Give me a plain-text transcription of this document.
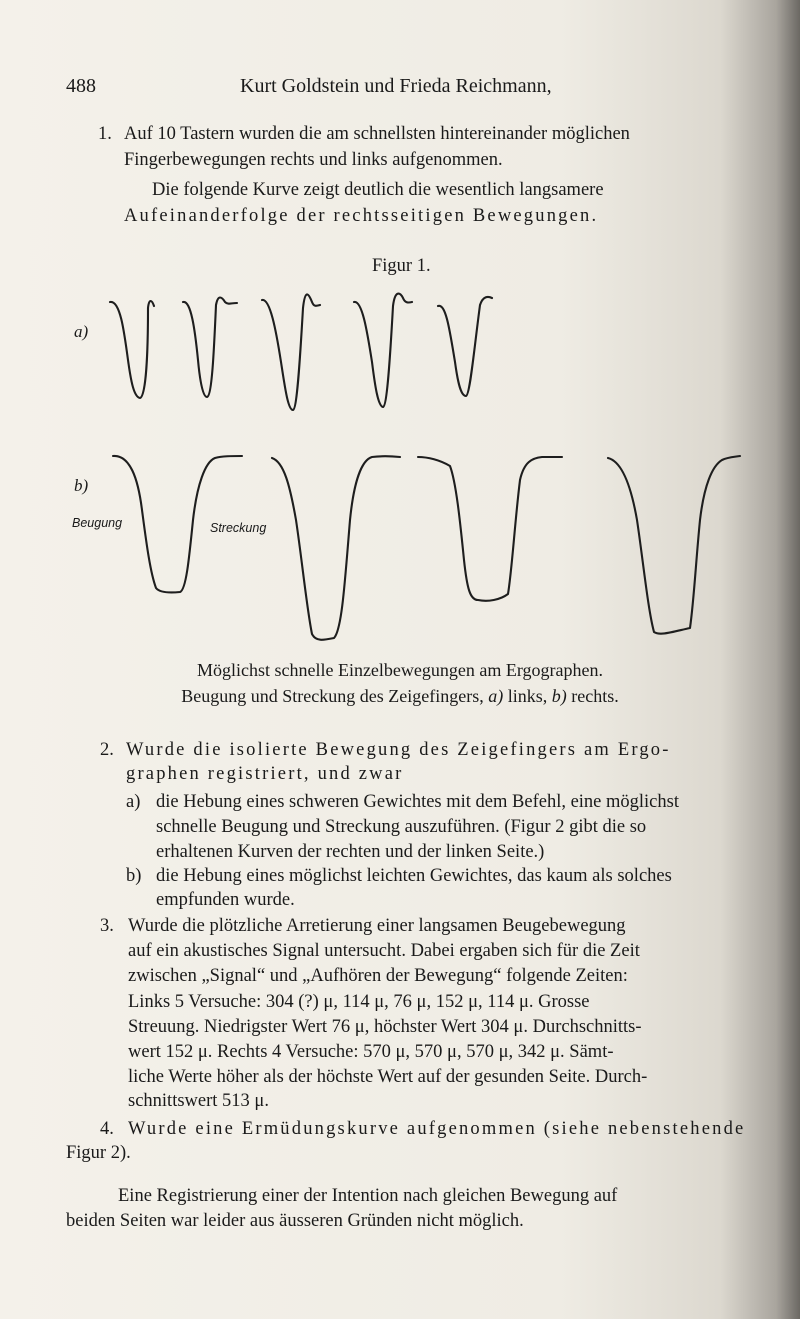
488	Kurt Goldstein und Frieda Reichmann,
1. Auf 10 Tastern wurden die am schnellsten hintereinander möglichen
Fingerbewegungen rechts und links aufgenommen.
Die folgende Kurve zeigt deutlich die wesentlich langsamere
Aufeinanderfolge der rechtsseitigen Bewegungen.
Figur 1.
a)
b)
Beugung	Streckung
Möglichst schnelle Einzelbewegungen am Ergographen.
Beugung und Streckung des Zeigefingers, a) links, b) rechts.
2. Wurde die isolierte Bewegung des Zeigefingers am Ergo-
graphen registriert, und zwar
a) die Hebung eines schweren Gewichtes mit dem Befehl, eine möglichst
schnelle Beugung und Streckung auszuführen. (Figur 2 gibt die so
erhaltenen Kurven der rechten und der linken Seite.)
b) die Hebung eines möglichst leichten Gewichtes, das kaum als solches
empfunden wurde.
3. Wurde die plötzliche Arretierung einer langsamen Beugebewegung
auf ein akustisches Signal untersucht. Dabei ergaben sich für die Zeit
zwischen „Signal“ und „Aufhören der Bewegung“ folgende Zeiten:
Links 5 Versuche: 304 (?) μ, 114 μ, 76 μ, 152 μ, 114 μ. Grosse
Streuung. Niedrigster Wert 76 μ, höchster Wert 304 μ. Durchschnitts-
wert 152 μ. Rechts 4 Versuche: 570 μ, 570 μ, 570 μ, 342 μ. Sämt-
liche Werte höher als der höchste Wert auf der gesunden Seite. Durch-
schnittswert 513 μ.
4. Wurde eine Ermüdungskurve aufgenommen (siehe nebenstehende
Figur 2).
Eine Registrierung einer der Intention nach gleichen Bewegung auf
beiden Seiten war leider aus äusseren Gründen nicht möglich.
